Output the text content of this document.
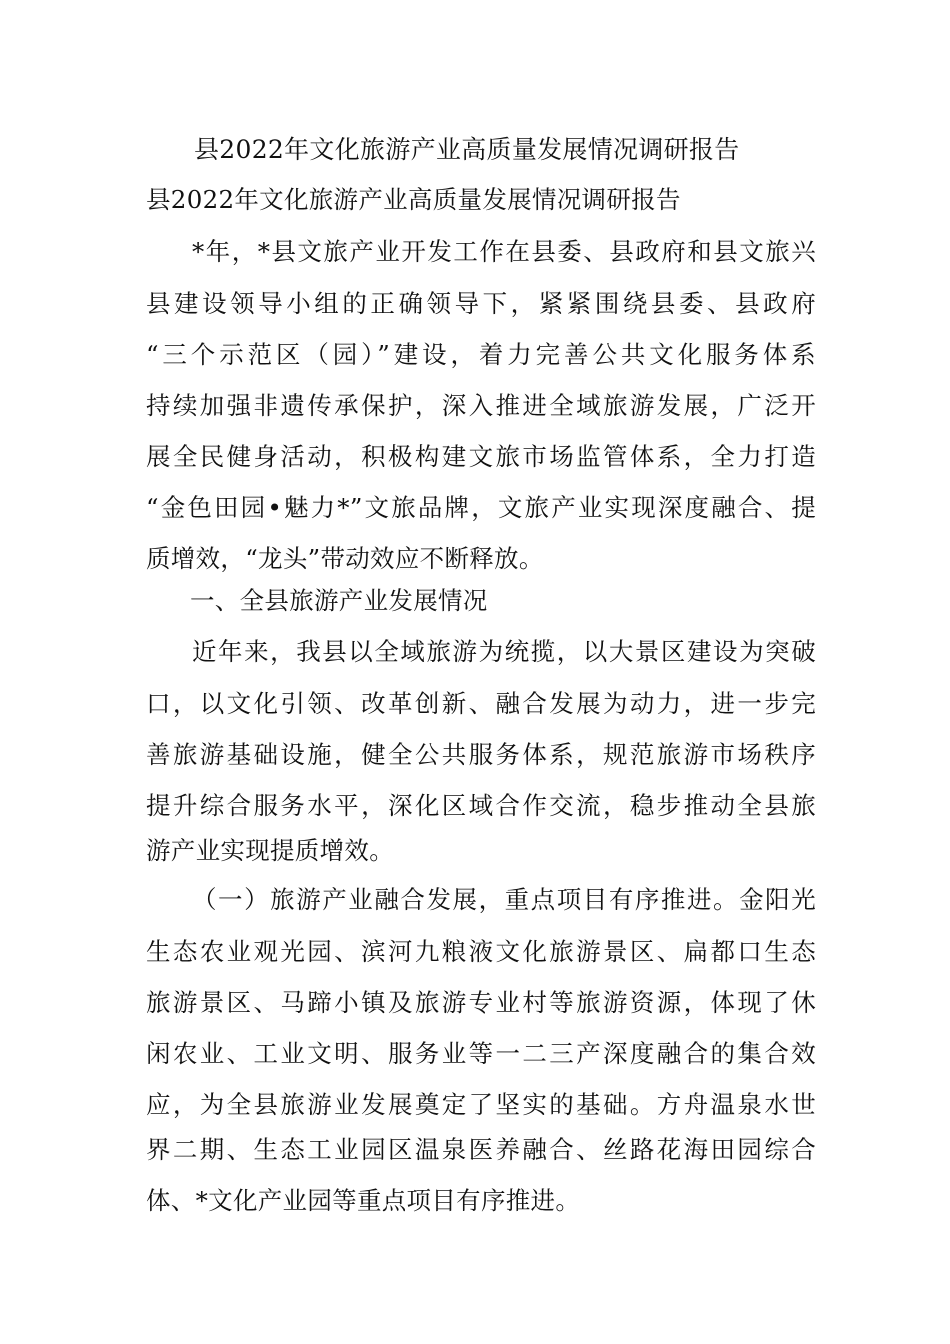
县2022年文化旅游产业高质量发展情况调研报告
县2022年文化旅游产业高质量发展情况调研报告
*年，*县文旅产业开发工作在县委、县政府和县文旅兴
县建设领导小组的正确领导下，紧紧围绕县委、县政府
“三个示范区（园）”建设，着力完善公共文化服务体系
持续加强非遗传承保护，深入推进全域旅游发展，广泛开
展全民健身活动，积极构建文旅市场监管体系，全力打造
“金色田园•魅力*”文旅品牌，文旅产业实现深度融合、提
质增效，“龙头”带动效应不断释放。
一、全县旅游产业发展情况
近年来，我县以全域旅游为统揽，以大景区建设为突破
口，以文化引领、改革创新、融合发展为动力，进一步完
善旅游基础设施，健全公共服务体系，规范旅游市场秩序
提升综合服务水平，深化区域合作交流，稳步推动全县旅
游产业实现提质增效。
（一）旅游产业融合发展，重点项目有序推进。金阳光
生态农业观光园、滨河九粮液文化旅游景区、扁都口生态
旅游景区、马蹄小镇及旅游专业村等旅游资源，体现了休
闲农业、工业文明、服务业等一二三产深度融合的集合效
应，为全县旅游业发展奠定了坚实的基础。方舟温泉水世
界二期、生态工业园区温泉医养融合、丝路花海田园综合
体、*文化产业园等重点项目有序推进。
